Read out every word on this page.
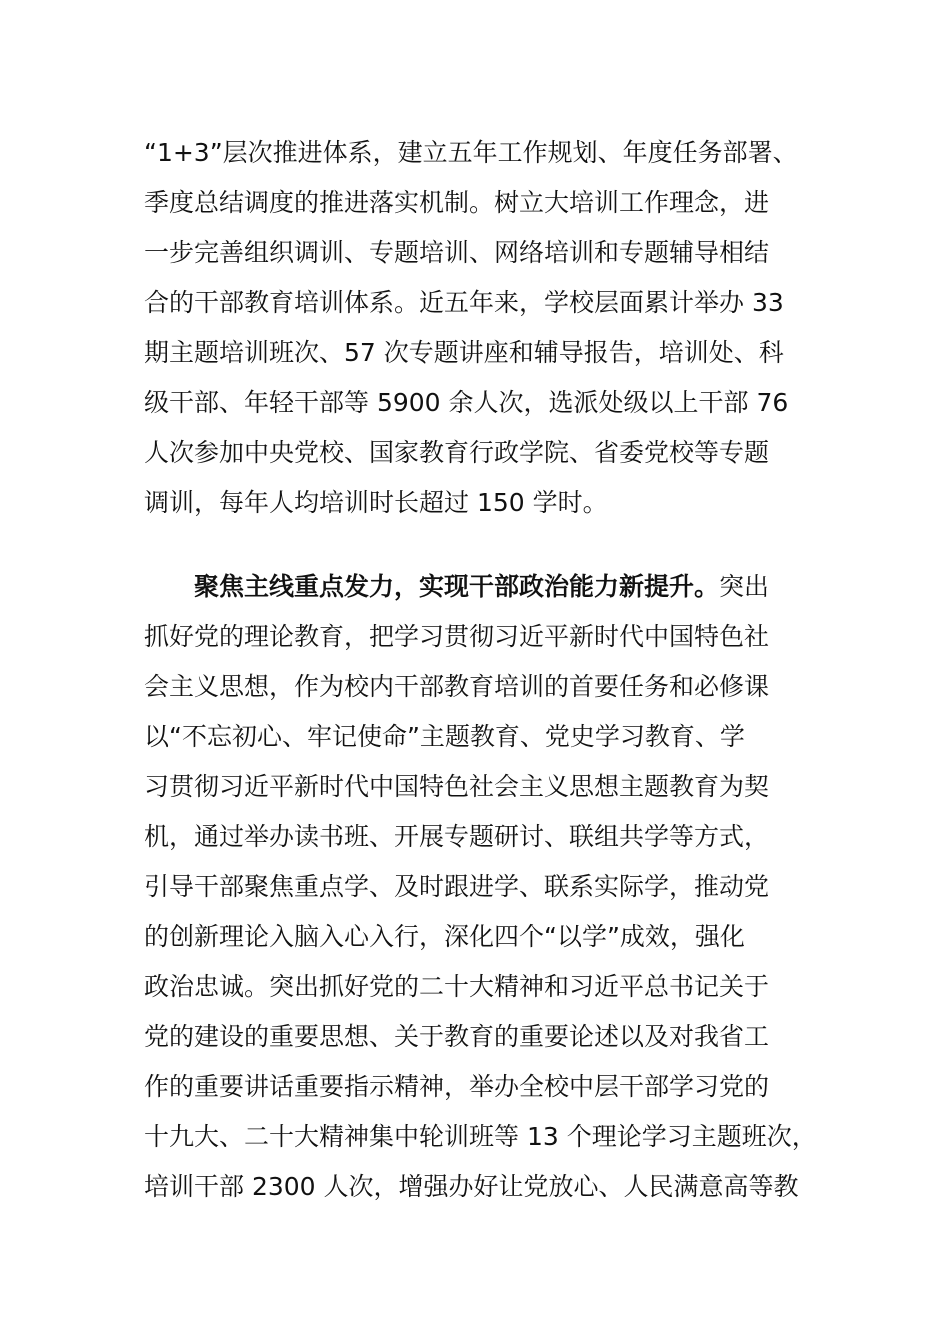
“1+3”层次推进体系，建立五年工作规划、年度任务部署、
季度总结调度的推进落实机制。树立大培训工作理念，进
一步完善组织调训、专题培训、网络培训和专题辅导相结
合的干部教育培训体系。近五年来，学校层面累计举办 33
期主题培训班次、57 次专题讲座和辅导报告，培训处、科
级干部、年轻干部等 5900 余人次，选派处级以上干部 76
人次参加中央党校、国家教育行政学院、省委党校等专题
调训，每年人均培训时长超过 150 学时。
聚焦主线重点发力，实现干部政治能力新提升。突出
抓好党的理论教育，把学习贯彻习近平新时代中国特色社
会主义思想，作为校内干部教育培训的首要任务和必修课
以“不忘初心、牢记使命”主题教育、党史学习教育、学
习贯彻习近平新时代中国特色社会主义思想主题教育为契
机，通过举办读书班、开展专题研讨、联组共学等方式，
引导干部聚焦重点学、及时跟进学、联系实际学，推动党
的创新理论入脑入心入行，深化四个“以学”成效，强化
政治忠诚。突出抓好党的二十大精神和习近平总书记关于
党的建设的重要思想、关于教育的重要论述以及对我省工
作的重要讲话重要指示精神，举办全校中层干部学习党的
十九大、二十大精神集中轮训班等 13 个理论学习主题班次，
培训干部 2300 人次，增强办好让党放心、人民满意高等教
